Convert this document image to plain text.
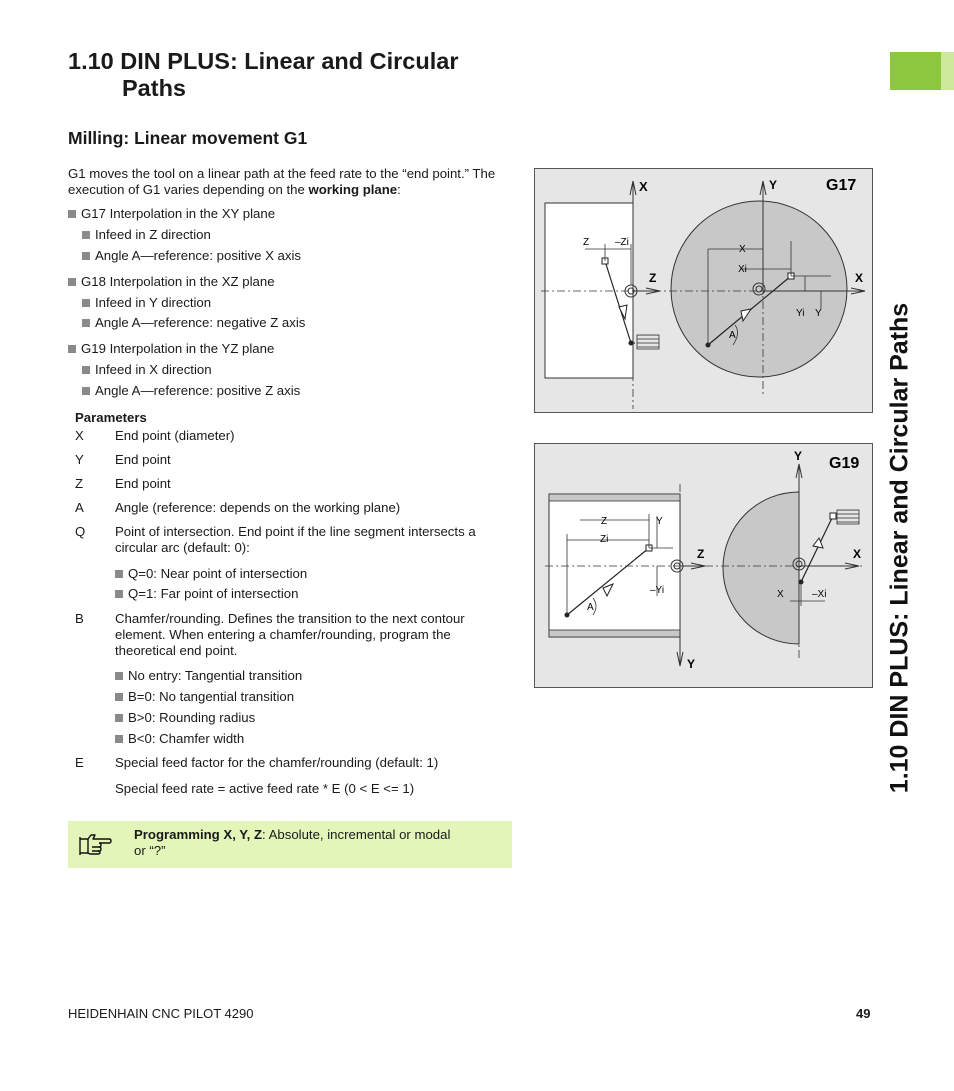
1.10 DIN PLUS: Linear and Circular Paths
1.10 DIN PLUS: Linear and Circular
Paths
Milling: Linear movement G1
G1 moves the tool on a linear path at the feed rate to the “end point.” The execution of G1 varies depending on the working plane:
G17 Interpolation in the XY plane
Infeed in Z direction
Angle A—reference: positive X axis
G18 Interpolation in the XZ plane
Infeed in Y direction
Angle A—reference: negative Z axis
G19 Interpolation in the YZ plane
Infeed in X direction
Angle A—reference: positive Z axis
Parameters
X End point (diameter)
Y End point
Z End point
A Angle (reference: depends on the working plane)
Q Point of intersection. End point if the line segment intersects a circular arc (default: 0):
Q=0: Near point of intersection
Q=1: Far point of intersection
B Chamfer/rounding. Defines the transition to the next contour element. When entering a chamfer/rounding, program the theoretical end point.
No entry: Tangential transition
B=0: No tangential transition
B>0: Rounding radius
B<0: Chamfer width
E Special feed factor for the chamfer/rounding (default: 1)
Special feed rate = active feed rate * E (0 < E <= 1)
Programming X, Y, Z: Absolute, incremental or modal or “?”
X	Y	G17
Z	X
Z	–Zi
X
Xi
Yi Y
A
Y G19
Z	X
Y
Z
Zi
Y
–Yi
A
X	–Xi
HEIDENHAIN CNC PILOT 4290	49
